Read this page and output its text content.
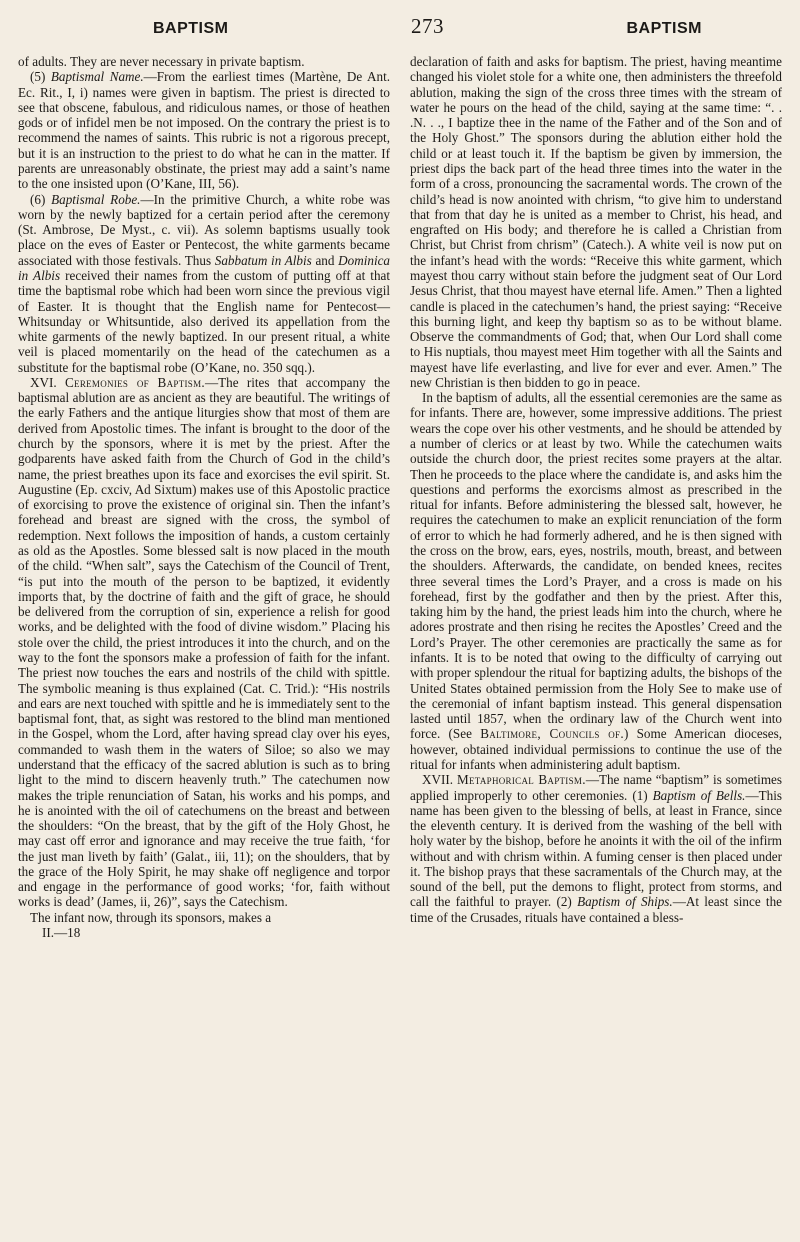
BAPTISM	273	BAPTISM

of adults. They are never necessary in private baptism.

(5) Baptismal Name.—From the earliest times (Martène, De Ant. Ec. Rit., I, i) names were given in baptism. The priest is directed to see that obscene, fabulous, and ridiculous names, or those of heathen gods or of infidel men be not imposed. On the contrary the priest is to recommend the names of saints. This rubric is not a rigorous precept, but it is an instruction to the priest to do what he can in the matter. If parents are unreasonably obstinate, the priest may add a saint’s name to the one insisted upon (O’Kane, III, 56).

(6) Baptismal Robe.—In the primitive Church, a white robe was worn by the newly baptized for a certain period after the ceremony (St. Ambrose, De Myst., c. vii). As solemn baptisms usually took place on the eves of Easter or Pentecost, the white garments became associated with those festivals. Thus Sabbatum in Albis and Dominica in Albis received their names from the custom of putting off at that time the baptismal robe which had been worn since the previous vigil of Easter. It is thought that the English name for Pentecost—Whitsunday or Whitsuntide, also derived its appellation from the white garments of the newly baptized. In our present ritual, a white veil is placed momentarily on the head of the catechumen as a substitute for the baptismal robe (O’Kane, no. 350 sqq.).

XVI. Ceremonies of Baptism.—The rites that accompany the baptismal ablution are as ancient as they are beautiful. The writings of the early Fathers and the antique liturgies show that most of them are derived from Apostolic times. The infant is brought to the door of the church by the sponsors, where it is met by the priest. After the godparents have asked faith from the Church of God in the child’s name, the priest breathes upon its face and exorcises the evil spirit. St. Augustine (Ep. cxciv, Ad Sixtum) makes use of this Apostolic practice of exorcising to prove the existence of original sin. Then the infant’s forehead and breast are signed with the cross, the symbol of redemption. Next follows the imposition of hands, a custom certainly as old as the Apostles. Some blessed salt is now placed in the mouth of the child. “When salt”, says the Catechism of the Council of Trent, “is put into the mouth of the person to be baptized, it evidently imports that, by the doctrine of faith and the gift of grace, he should be delivered from the corruption of sin, experience a relish for good works, and be delighted with the food of divine wisdom.” Placing his stole over the child, the priest introduces it into the church, and on the way to the font the sponsors make a profession of faith for the infant. The priest now touches the ears and nostrils of the child with spittle. The symbolic meaning is thus explained (Cat. C. Trid.): “His nostrils and ears are next touched with spittle and he is immediately sent to the baptismal font, that, as sight was restored to the blind man mentioned in the Gospel, whom the Lord, after having spread clay over his eyes, commanded to wash them in the waters of Siloe; so also we may understand that the efficacy of the sacred ablution is such as to bring light to the mind to discern heavenly truth.” The catechumen now makes the triple renunciation of Satan, his works and his pomps, and he is anointed with the oil of catechumens on the breast and between the shoulders: “On the breast, that by the gift of the Holy Ghost, he may cast off error and ignorance and may receive the true faith, ‘for the just man liveth by faith’ (Galat., iii, 11); on the shoulders, that by the grace of the Holy Spirit, he may shake off negligence and torpor and engage in the performance of good works; ‘for, faith without works is dead’ (James, ii, 26)”, says the Catechism.

The infant now, through its sponsors, makes a

II.—18

declaration of faith and asks for baptism. The priest, having meantime changed his violet stole for a white one, then administers the threefold ablution, making the sign of the cross three times with the stream of water he pours on the head of the child, saying at the same time: “. . .N. . ., I baptize thee in the name of the Father and of the Son and of the Holy Ghost.” The sponsors during the ablution either hold the child or at least touch it. If the baptism be given by immersion, the priest dips the back part of the head three times into the water in the form of a cross, pronouncing the sacramental words. The crown of the child’s head is now anointed with chrism, “to give him to understand that from that day he is united as a member to Christ, his head, and engrafted on His body; and therefore he is called a Christian from Christ, but Christ from chrism” (Catech.). A white veil is now put on the infant’s head with the words: “Receive this white garment, which mayest thou carry without stain before the judgment seat of Our Lord Jesus Christ, that thou mayest have eternal life. Amen.” Then a lighted candle is placed in the catechumen’s hand, the priest saying: “Receive this burning light, and keep thy baptism so as to be without blame. Observe the commandments of God; that, when Our Lord shall come to His nuptials, thou mayest meet Him together with all the Saints and mayest have life everlasting, and live for ever and ever. Amen.” The new Christian is then bidden to go in peace.

In the baptism of adults, all the essential ceremonies are the same as for infants. There are, however, some impressive additions. The priest wears the cope over his other vestments, and he should be attended by a number of clerics or at least by two. While the catechumen waits outside the church door, the priest recites some prayers at the altar. Then he proceeds to the place where the candidate is, and asks him the questions and performs the exorcisms almost as prescribed in the ritual for infants. Before administering the blessed salt, however, he requires the catechumen to make an explicit renunciation of the form of error to which he had formerly adhered, and he is then signed with the cross on the brow, ears, eyes, nostrils, mouth, breast, and between the shoulders. Afterwards, the candidate, on bended knees, recites three several times the Lord’s Prayer, and a cross is made on his forehead, first by the godfather and then by the priest. After this, taking him by the hand, the priest leads him into the church, where he adores prostrate and then rising he recites the Apostles’ Creed and the Lord’s Prayer. The other ceremonies are practically the same as for infants. It is to be noted that owing to the difficulty of carrying out with proper splendour the ritual for baptizing adults, the bishops of the United States obtained permission from the Holy See to make use of the ceremonial of infant baptism instead. This general dispensation lasted until 1857, when the ordinary law of the Church went into force. (See Baltimore, Councils of.) Some American dioceses, however, obtained individual permissions to continue the use of the ritual for infants when administering adult baptism.

XVII. Metaphorical Baptism.—The name “baptism” is sometimes applied improperly to other ceremonies. (1) Baptism of Bells.—This name has been given to the blessing of bells, at least in France, since the eleventh century. It is derived from the washing of the bell with holy water by the bishop, before he anoints it with the oil of the infirm without and with chrism within. A fuming censer is then placed under it. The bishop prays that these sacramentals of the Church may, at the sound of the bell, put the demons to flight, protect from storms, and call the faithful to prayer. (2) Baptism of Ships.—At least since the time of the Crusades, rituals have contained a bless-
